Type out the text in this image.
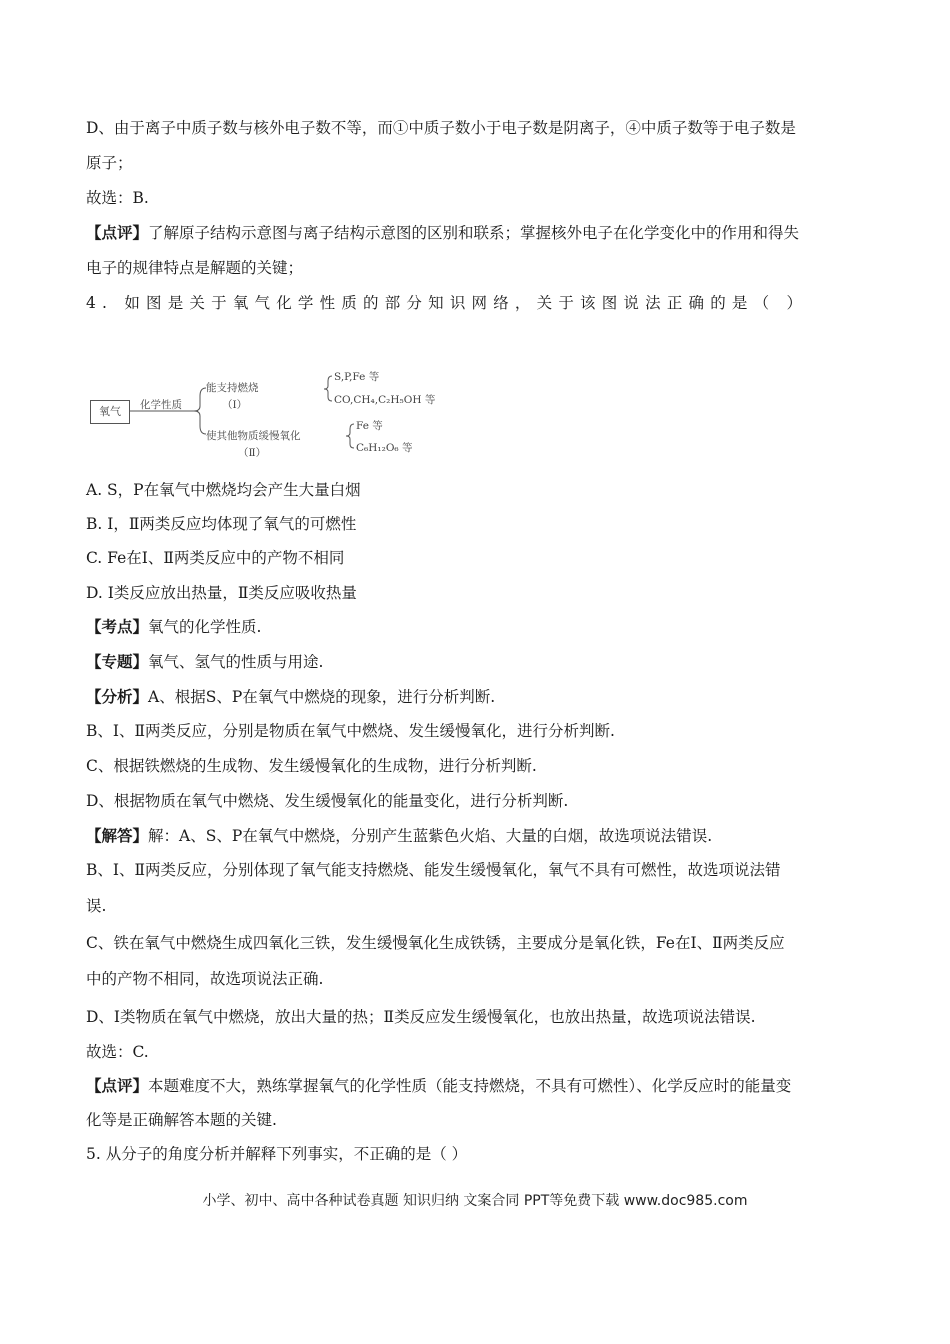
D、由于离子中质子数与核外电子数不等，而①中质子数小于电子数是阴离子，④中质子数等于电子数是
原子；
故选：B.
【点评】了解原子结构示意图与离子结构示意图的区别和联系；掌握核外电子在化学变化中的作用和得失
电子的规律特点是解题的关键；
4. 如图是关于氧气化学性质的部分知识网络，关于该图说法正确的是（ ）
氧气	化学性质
能支持燃烧
（Ⅰ）
S,P,Fe 等
CO,CH₄,C₂H₅OH 等
使其他物质缓慢氧化
（Ⅱ）
Fe 等
C₆H₁₂O₆ 等
A. S，P在氧气中燃烧均会产生大量白烟
B. Ⅰ，Ⅱ两类反应均体现了氧气的可燃性
C. Fe在Ⅰ、Ⅱ两类反应中的产物不相同
D. Ⅰ类反应放出热量，Ⅱ类反应吸收热量
【考点】氧气的化学性质.
【专题】氧气、氢气的性质与用途.
【分析】A、根据S、P在氧气中燃烧的现象，进行分析判断.
B、Ⅰ、Ⅱ两类反应，分别是物质在氧气中燃烧、发生缓慢氧化，进行分析判断.
C、根据铁燃烧的生成物、发生缓慢氧化的生成物，进行分析判断.
D、根据物质在氧气中燃烧、发生缓慢氧化的能量变化，进行分析判断.
【解答】解：A、S、P在氧气中燃烧，分别产生蓝紫色火焰、大量的白烟，故选项说法错误.
B、Ⅰ、Ⅱ两类反应，分别体现了氧气能支持燃烧、能发生缓慢氧化，氧气不具有可燃性，故选项说法错
误.
C、铁在氧气中燃烧生成四氧化三铁，发生缓慢氧化生成铁锈，主要成分是氧化铁，Fe在Ⅰ、Ⅱ两类反应
中的产物不相同，故选项说法正确.
D、Ⅰ类物质在氧气中燃烧，放出大量的热；Ⅱ类反应发生缓慢氧化，也放出热量，故选项说法错误.
故选：C.
【点评】本题难度不大，熟练掌握氧气的化学性质（能支持燃烧，不具有可燃性）、化学反应时的能量变
化等是正确解答本题的关键.
5. 从分子的角度分析并解释下列事实，不正确的是（ ）
小学、初中、高中各种试卷真题 知识归纳 文案合同 PPT等免费下载 www.doc985.com
